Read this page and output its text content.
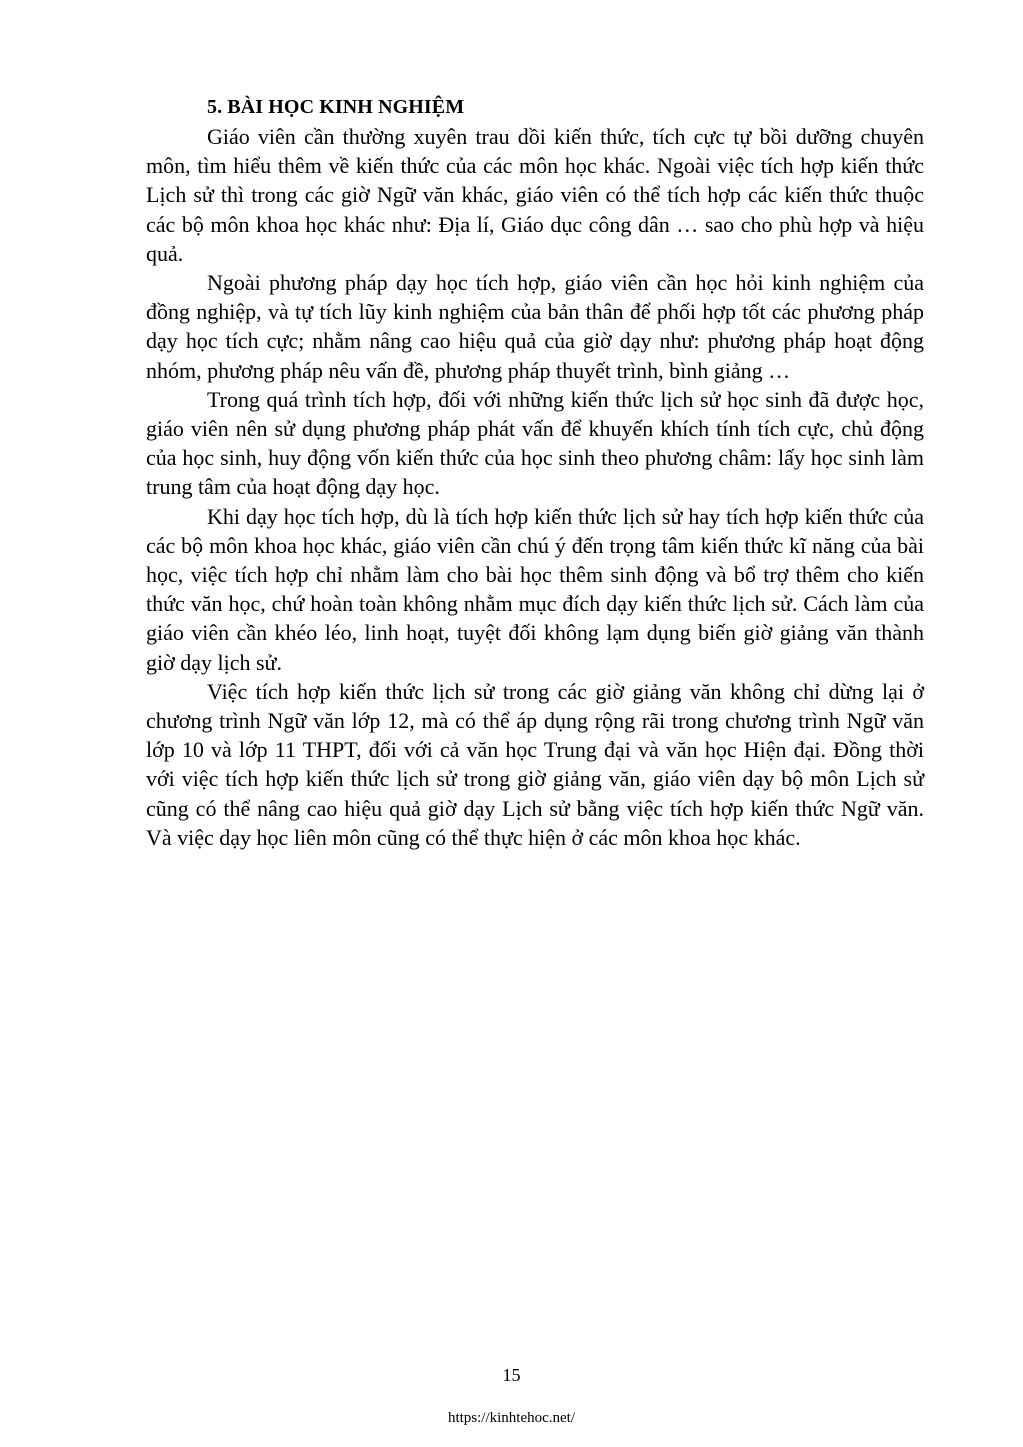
5. BÀI HỌC KINH NGHIỆM

Giáo viên cần thường xuyên trau dồi kiến thức, tích cực tự bồi dưỡng chuyên môn, tìm hiểu thêm về kiến thức của các môn học khác. Ngoài việc tích hợp kiến thức Lịch sử thì trong các giờ Ngữ văn khác, giáo viên có thể tích hợp các kiến thức thuộc các bộ môn khoa học khác như: Địa lí, Giáo dục công dân … sao cho phù hợp và hiệu quả.

Ngoài phương pháp dạy học tích hợp, giáo viên cần học hỏi kinh nghiệm của đồng nghiệp, và tự tích lũy kinh nghiệm của bản thân để phối hợp tốt các phương pháp dạy học tích cực; nhằm nâng cao hiệu quả của giờ dạy như: phương pháp hoạt động nhóm, phương pháp nêu vấn đề, phương pháp thuyết trình, bình giảng …

Trong quá trình tích hợp, đối với những kiến thức lịch sử học sinh đã được học, giáo viên nên sử dụng phương pháp phát vấn để khuyến khích tính tích cực, chủ động của học sinh, huy động vốn kiến thức của học sinh theo phương châm: lấy học sinh làm trung tâm của hoạt động dạy học.

Khi dạy học tích hợp, dù là tích hợp kiến thức lịch sử hay tích hợp kiến thức của các bộ môn khoa học khác, giáo viên cần chú ý đến trọng tâm kiến thức kĩ năng của bài học, việc tích hợp chỉ nhằm làm cho bài học thêm sinh động và bổ trợ thêm cho kiến thức văn học, chứ hoàn toàn không nhằm mục đích dạy kiến thức lịch sử. Cách làm của giáo viên cần khéo léo, linh hoạt, tuyệt đối không lạm dụng biến giờ giảng văn thành giờ dạy lịch sử.

Việc tích hợp kiến thức lịch sử trong các giờ giảng văn không chỉ dừng lại ở chương trình Ngữ văn lớp 12, mà có thể áp dụng rộng rãi trong chương trình Ngữ văn lớp 10 và lớp 11 THPT, đối với cả văn học Trung đại và văn học Hiện đại. Đồng thời với việc tích hợp kiến thức lịch sử trong giờ giảng văn, giáo viên dạy bộ môn Lịch sử cũng có thể nâng cao hiệu quả giờ dạy Lịch sử bằng việc tích hợp kiến thức Ngữ văn. Và việc dạy học liên môn cũng có thể thực hiện ở các môn khoa học khác.

15
https://kinhtehoc.net/
